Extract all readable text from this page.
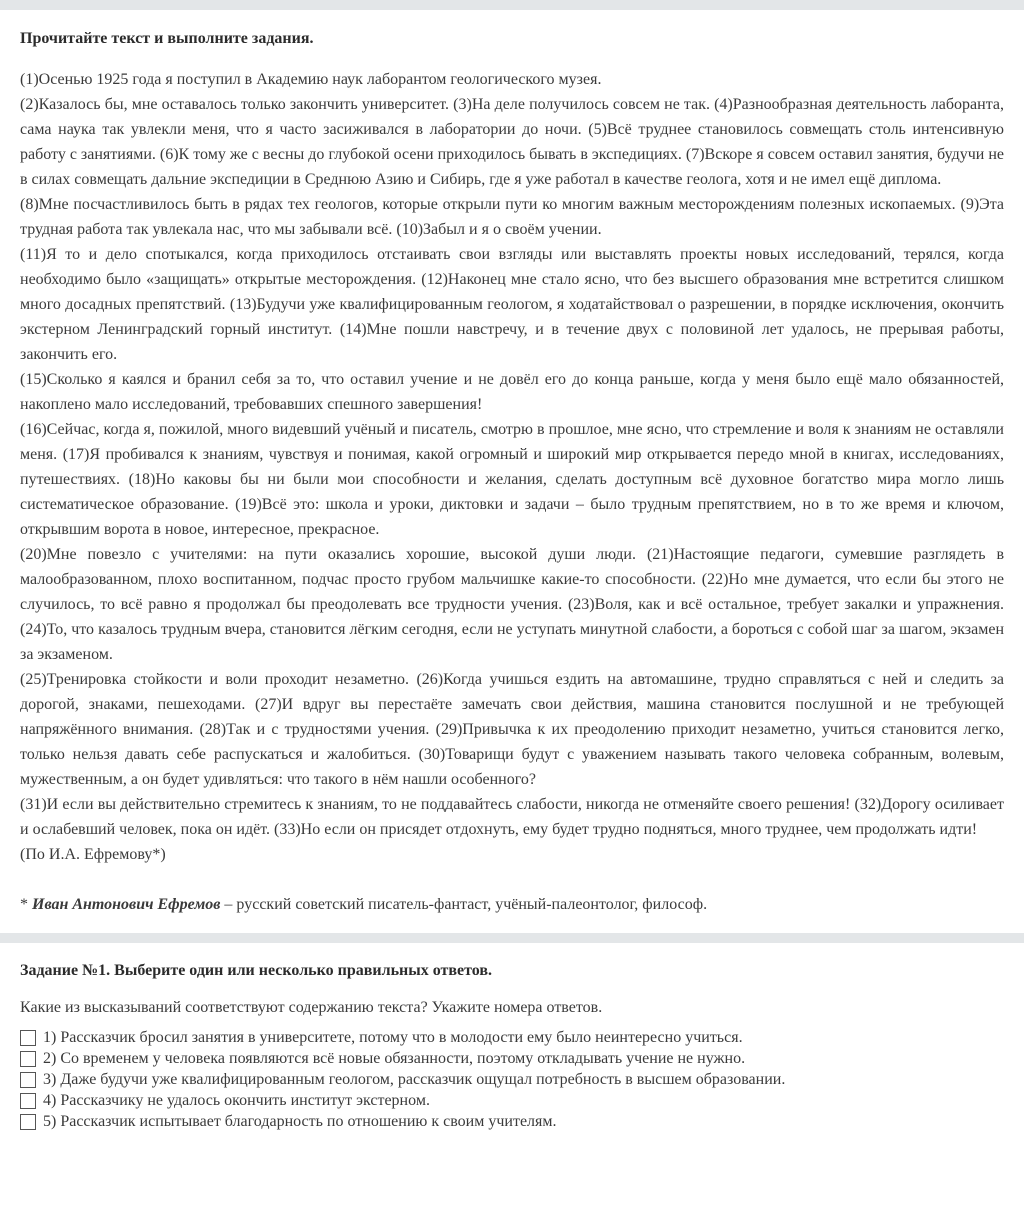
Прочитайте текст и выполните задания.

(1)Осенью 1925 года я поступил в Академию наук лаборантом геологического музея.

(2)Казалось бы, мне оставалось только закончить университет. (3)На деле получилось совсем не так. (4)Разнообразная деятельность лаборанта, сама наука так увлекли меня, что я часто засиживался в лаборатории до ночи. (5)Всё труднее становилось совмещать столь интенсивную работу с занятиями. (6)К тому же с весны до глубокой осени приходилось бывать в экспедициях. (7)Вскоре я совсем оставил занятия, будучи не в силах совмещать дальние экспедиции в Среднюю Азию и Сибирь, где я уже работал в качестве геолога, хотя и не имел ещё диплома.

(8)Мне посчастливилось быть в рядах тех геологов, которые открыли пути ко многим важным месторождениям полезных ископаемых. (9)Эта трудная работа так увлекала нас, что мы забывали всё. (10)Забыл и я о своём учении.

(11)Я то и дело спотыкался, когда приходилось отстаивать свои взгляды или выставлять проекты новых исследований, терялся, когда необходимо было «защищать» открытые месторождения. (12)Наконец мне стало ясно, что без высшего образования мне встретится слишком много досадных препятствий. (13)Будучи уже квалифицированным геологом, я ходатайствовал о разрешении, в порядке исключения, окончить экстерном Ленинградский горный институт. (14)Мне пошли навстречу, и в течение двух с половиной лет удалось, не прерывая работы, закончить его.

(15)Сколько я каялся и бранил себя за то, что оставил учение и не довёл его до конца раньше, когда у меня было ещё мало обязанностей, накоплено мало исследований, требовавших спешного завершения!

(16)Сейчас, когда я, пожилой, много видевший учёный и писатель, смотрю в прошлое, мне ясно, что стремление и воля к знаниям не оставляли меня. (17)Я пробивался к знаниям, чувствуя и понимая, какой огромный и широкий мир открывается передо мной в книгах, исследованиях, путешествиях. (18)Но каковы бы ни были мои способности и желания, сделать доступным всё духовное богатство мира могло лишь систематическое образование. (19)Всё это: школа и уроки, диктовки и задачи – было трудным препятствием, но в то же время и ключом, открывшим ворота в новое, интересное, прекрасное.

(20)Мне повезло с учителями: на пути оказались хорошие, высокой души люди. (21)Настоящие педагоги, сумевшие разглядеть в малообразованном, плохо воспитанном, подчас просто грубом мальчишке какие-то способности. (22)Но мне думается, что если бы этого не случилось, то всё равно я продолжал бы преодолевать все трудности учения. (23)Воля, как и всё остальное, требует закалки и упражнения. (24)То, что казалось трудным вчера, становится лёгким сегодня, если не уступать минутной слабости, а бороться с собой шаг за шагом, экзамен за экзаменом.

(25)Тренировка стойкости и воли проходит незаметно. (26)Когда учишься ездить на автомашине, трудно справляться с ней и следить за дорогой, знаками, пешеходами. (27)И вдруг вы перестаёте замечать свои действия, машина становится послушной и не требующей напряжённого внимания. (28)Так и с трудностями учения. (29)Привычка к их преодолению приходит незаметно, учиться становится легко, только нельзя давать себе распускаться и жалобиться. (30)Товарищи будут с уважением называть такого человека собранным, волевым, мужественным, а он будет удивляться: что такого в нём нашли особенного?

(31)И если вы действительно стремитесь к знаниям, то не поддавайтесь слабости, никогда не отменяйте своего решения! (32)Дорогу осиливает и ослабевший человек, пока он идёт. (33)Но если он присядет отдохнуть, ему будет трудно подняться, много труднее, чем продолжать идти!

(По И.А. Ефремову*)

* Иван Антонович Ефремов – русский советский писатель-фантаст, учёный-палеонтолог, философ.

Задание №1. Выберите один или несколько правильных ответов.

Какие из высказываний соответствуют содержанию текста? Укажите номера ответов.

1) Рассказчик бросил занятия в университете, потому что в молодости ему было неинтересно учиться.
2) Со временем у человека появляются всё новые обязанности, поэтому откладывать учение не нужно.
3) Даже будучи уже квалифицированным геологом, рассказчик ощущал потребность в высшем образовании.
4) Рассказчику не удалось окончить институт экстерном.
5) Рассказчик испытывает благодарность по отношению к своим учителям.
